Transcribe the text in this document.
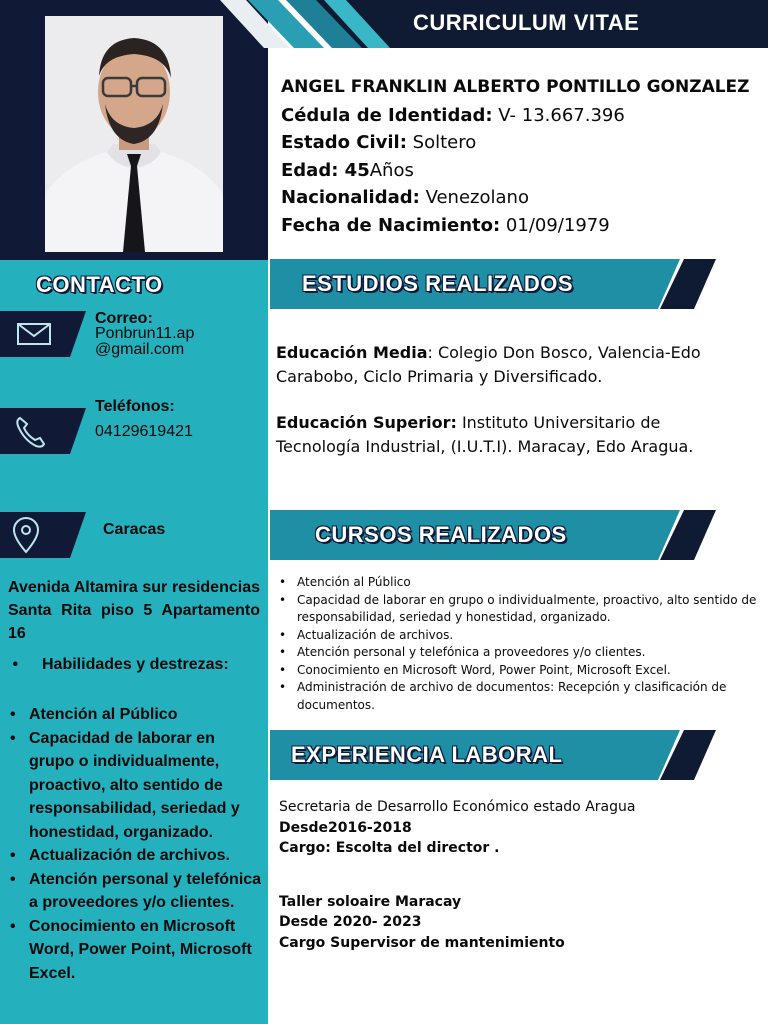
CURRICULUM VITAE
ANGEL FRANKLIN ALBERTO PONTILLO GONZALEZ
Cédula de Identidad: V- 13.667.396
Estado Civil: Soltero
Edad: 45Años
Nacionalidad: Venezolano
Fecha de Nacimiento: 01/09/1979
CONTACTO
Correo:
Ponbrun11.ap
@gmail.com
Teléfonos:
04129619421
Caracas
Avenida Altamira sur residencias Santa Rita piso 5 Apartamento 16
• Habilidades y destrezas:
• Atención al Público
• Capacidad de laborar en grupo o individualmente, proactivo, alto sentido de responsabilidad, seriedad y honestidad, organizado.
• Actualización de archivos.
• Atención personal y telefónica a proveedores y/o clientes.
• Conocimiento en Microsoft Word, Power Point, Microsoft Excel.
ESTUDIOS REALIZADOS

Educación Media: Colegio Don Bosco, Valencia-Edo Carabobo, Ciclo Primaria y Diversificado.

Educación Superior: Instituto Universitario de Tecnología Industrial, (I.U.T.I). Maracay, Edo Aragua.

CURSOS REALIZADOS
• Atención al Público
• Capacidad de laborar en grupo o individualmente, proactivo, alto sentido de responsabilidad, seriedad y honestidad, organizado.
• Actualización de archivos.
• Atención personal y telefónica a proveedores y/o clientes.
• Conocimiento en Microsoft Word, Power Point, Microsoft Excel.
• Administración de archivo de documentos: Recepción y clasificación de documentos.
EXPERIENCIA LABORAL
Secretaria de Desarrollo Económico estado Aragua
Desde2016-2018
Cargo: Escolta del director .
Taller soloaire Maracay
Desde 2020- 2023
Cargo Supervisor de mantenimiento
